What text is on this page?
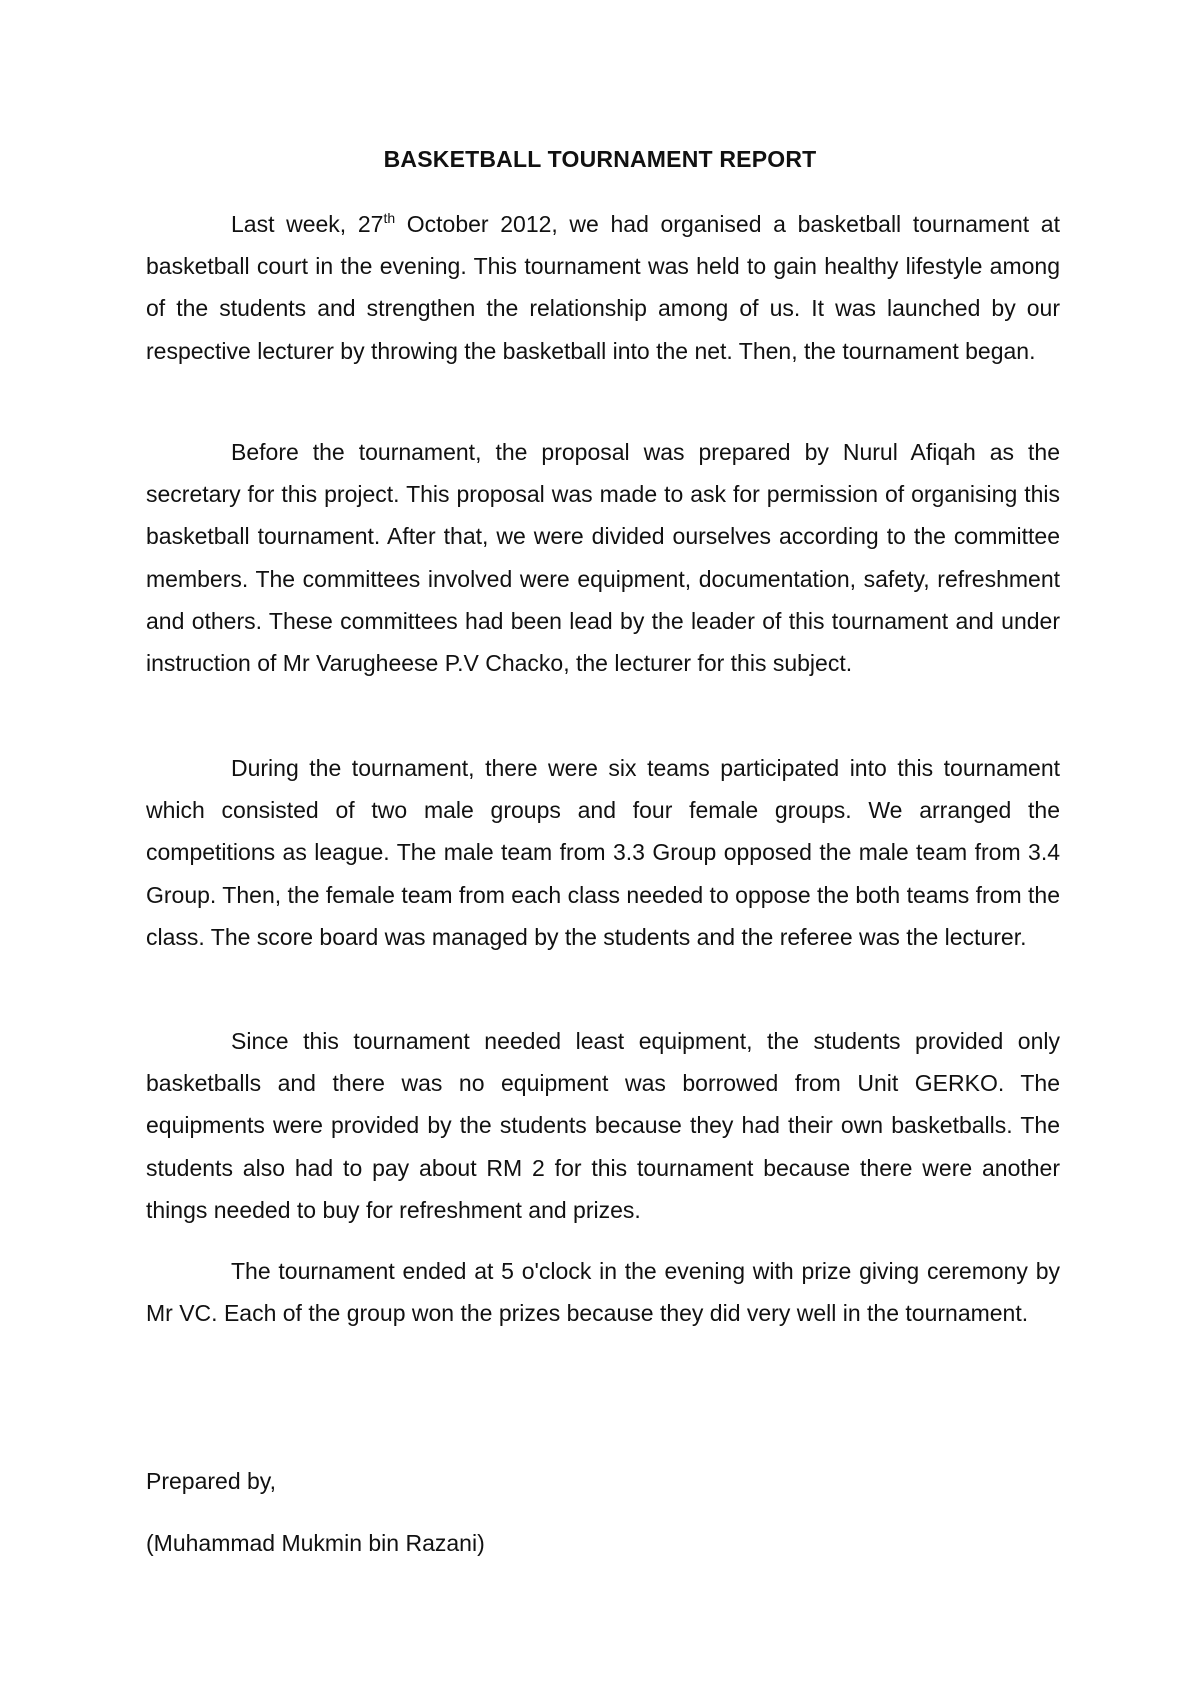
BASKETBALL TOURNAMENT REPORT

Last week, 27th October 2012, we had organised a basketball tournament at basketball court in the evening. This tournament was held to gain healthy lifestyle among of the students and strengthen the relationship among of us. It was launched by our respective lecturer by throwing the basketball into the net. Then, the tournament began.

Before the tournament, the proposal was prepared by Nurul Afiqah as the secretary for this project. This proposal was made to ask for permission of organising this basketball tournament. After that, we were divided ourselves according to the committee members. The committees involved were equipment, documentation, safety, refreshment and others. These committees had been lead by the leader of this tournament and under instruction of Mr Varugheese P.V Chacko, the lecturer for this subject.

During the tournament, there were six teams participated into this tournament which consisted of two male groups and four female groups. We arranged the competitions as league. The male team from 3.3 Group opposed the male team from 3.4 Group. Then, the female team from each class needed to oppose the both teams from the class. The score board was managed by the students and the referee was the lecturer.

Since this tournament needed least equipment, the students provided only basketballs and there was no equipment was borrowed from Unit GERKO. The equipments were provided by the students because they had their own basketballs. The students also had to pay about RM 2 for this tournament because there were another things needed to buy for refreshment and prizes.

The tournament ended at 5 o'clock in the evening with prize giving ceremony by Mr VC. Each of the group won the prizes because they did very well in the tournament.

Prepared by,

(Muhammad Mukmin bin Razani)
